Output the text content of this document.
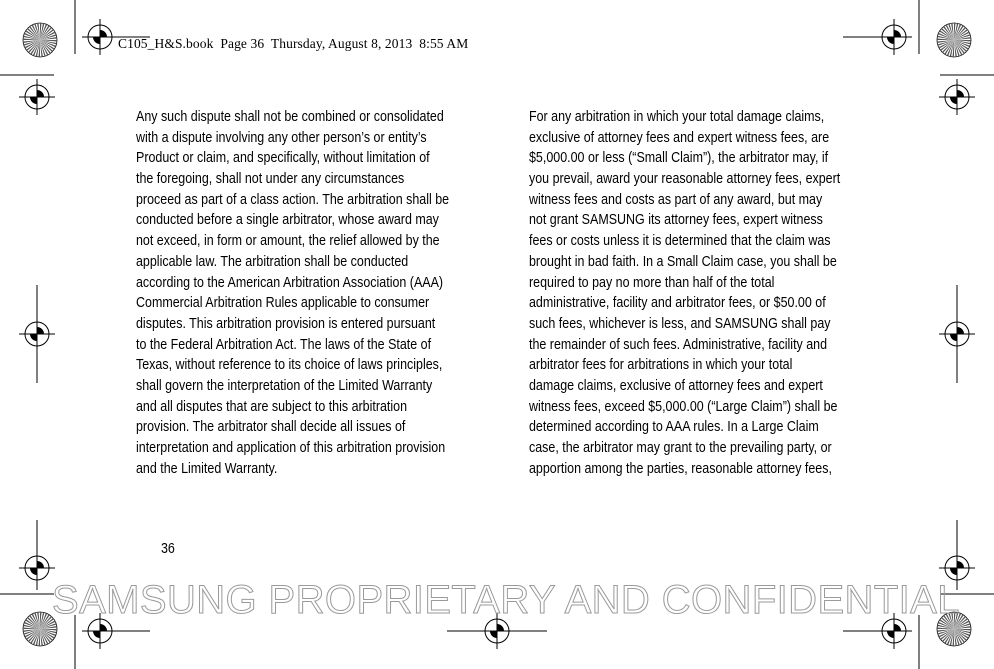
C105_H&S.book  Page 36  Thursday, August 8, 2013  8:55 AM
Any such dispute shall not be combined or consolidated
with a dispute involving any other person’s or entity’s
Product or claim, and specifically, without limitation of
the foregoing, shall not under any circumstances
proceed as part of a class action. The arbitration shall be
conducted before a single arbitrator, whose award may
not exceed, in form or amount, the relief allowed by the
applicable law. The arbitration shall be conducted
according to the American Arbitration Association (AAA)
Commercial Arbitration Rules applicable to consumer
disputes. This arbitration provision is entered pursuant
to the Federal Arbitration Act. The laws of the State of
Texas, without reference to its choice of laws principles,
shall govern the interpretation of the Limited Warranty
and all disputes that are subject to this arbitration
provision. The arbitrator shall decide all issues of
interpretation and application of this arbitration provision
and the Limited Warranty.
For any arbitration in which your total damage claims,
exclusive of attorney fees and expert witness fees, are
$5,000.00 or less (“Small Claim”), the arbitrator may, if
you prevail, award your reasonable attorney fees, expert
witness fees and costs as part of any award, but may
not grant SAMSUNG its attorney fees, expert witness
fees or costs unless it is determined that the claim was
brought in bad faith. In a Small Claim case, you shall be
required to pay no more than half of the total
administrative, facility and arbitrator fees, or $50.00 of
such fees, whichever is less, and SAMSUNG shall pay
the remainder of such fees. Administrative, facility and
arbitrator fees for arbitrations in which your total
damage claims, exclusive of attorney fees and expert
witness fees, exceed $5,000.00 (“Large Claim”) shall be
determined according to AAA rules. In a Large Claim
case, the arbitrator may grant to the prevailing party, or
apportion among the parties, reasonable attorney fees,
36
SAMSUNG PROPRIETARY AND CONFIDENTIAL
